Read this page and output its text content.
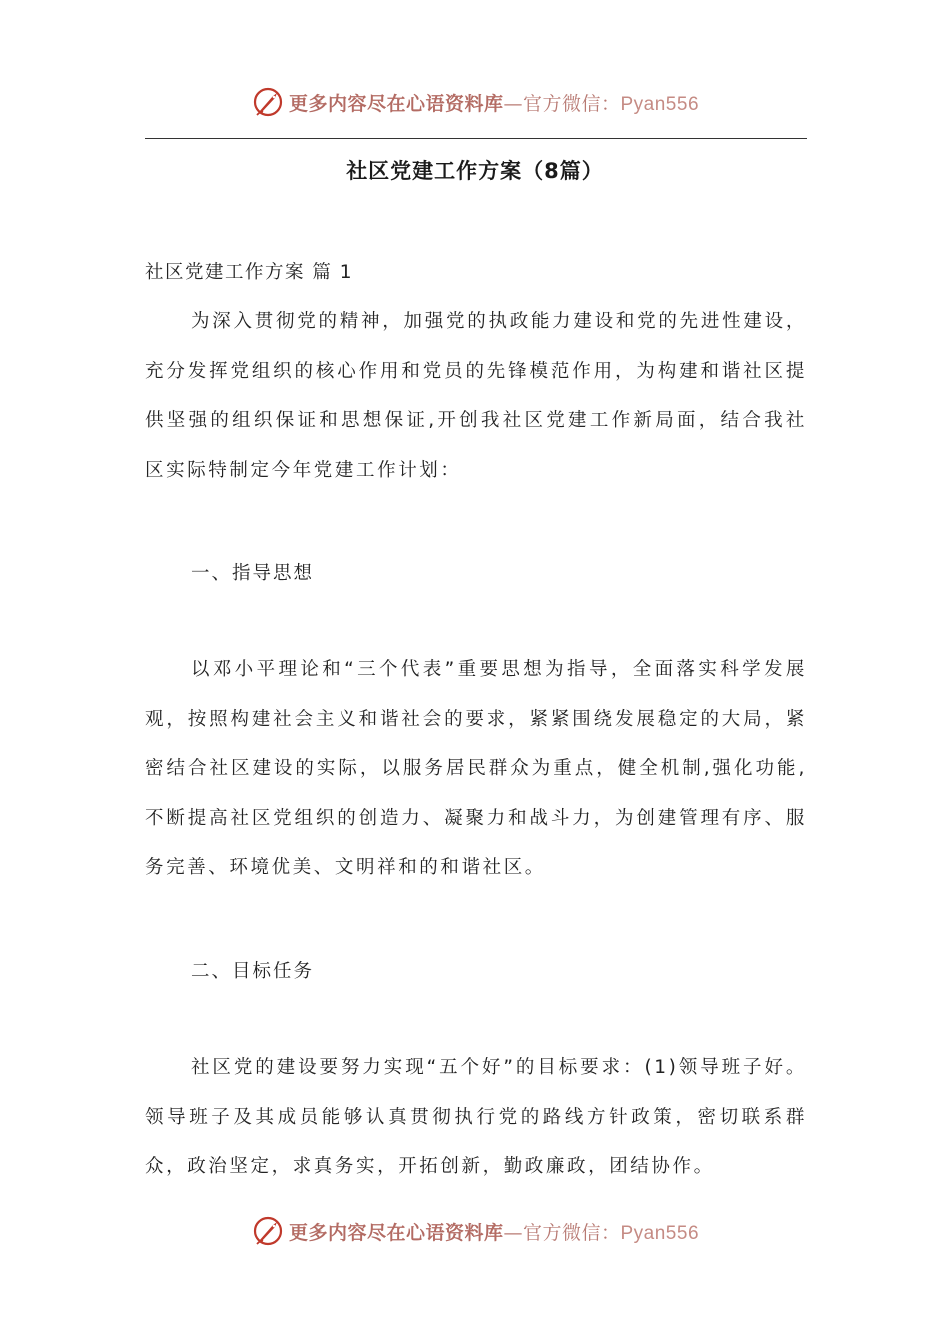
更多内容尽在心语资料库—官方微信：Pyan556
社区党建工作方案（8篇）
社区党建工作方案 篇 1
为深入贯彻党的精神，加强党的执政能力建设和党的先进性建设，充分发挥党组织的核心作用和党员的先锋模范作用，为构建和谐社区提供坚强的组织保证和思想保证,开创我社区党建工作新局面，结合我社区实际特制定今年党建工作计划：
一、指导思想
以邓小平理论和“三个代表”重要思想为指导，全面落实科学发展观，按照构建社会主义和谐社会的要求，紧紧围绕发展稳定的大局，紧密结合社区建设的实际，以服务居民群众为重点，健全机制,强化功能,不断提高社区党组织的创造力、凝聚力和战斗力，为创建管理有序、服务完善、环境优美、文明祥和的和谐社区。
二、目标任务
社区党的建设要努力实现“五个好”的目标要求：(1)领导班子好。领导班子及其成员能够认真贯彻执行党的路线方针政策，密切联系群众，政治坚定，求真务实，开拓创新，勤政廉政，团结协作。
更多内容尽在心语资料库—官方微信：Pyan556
